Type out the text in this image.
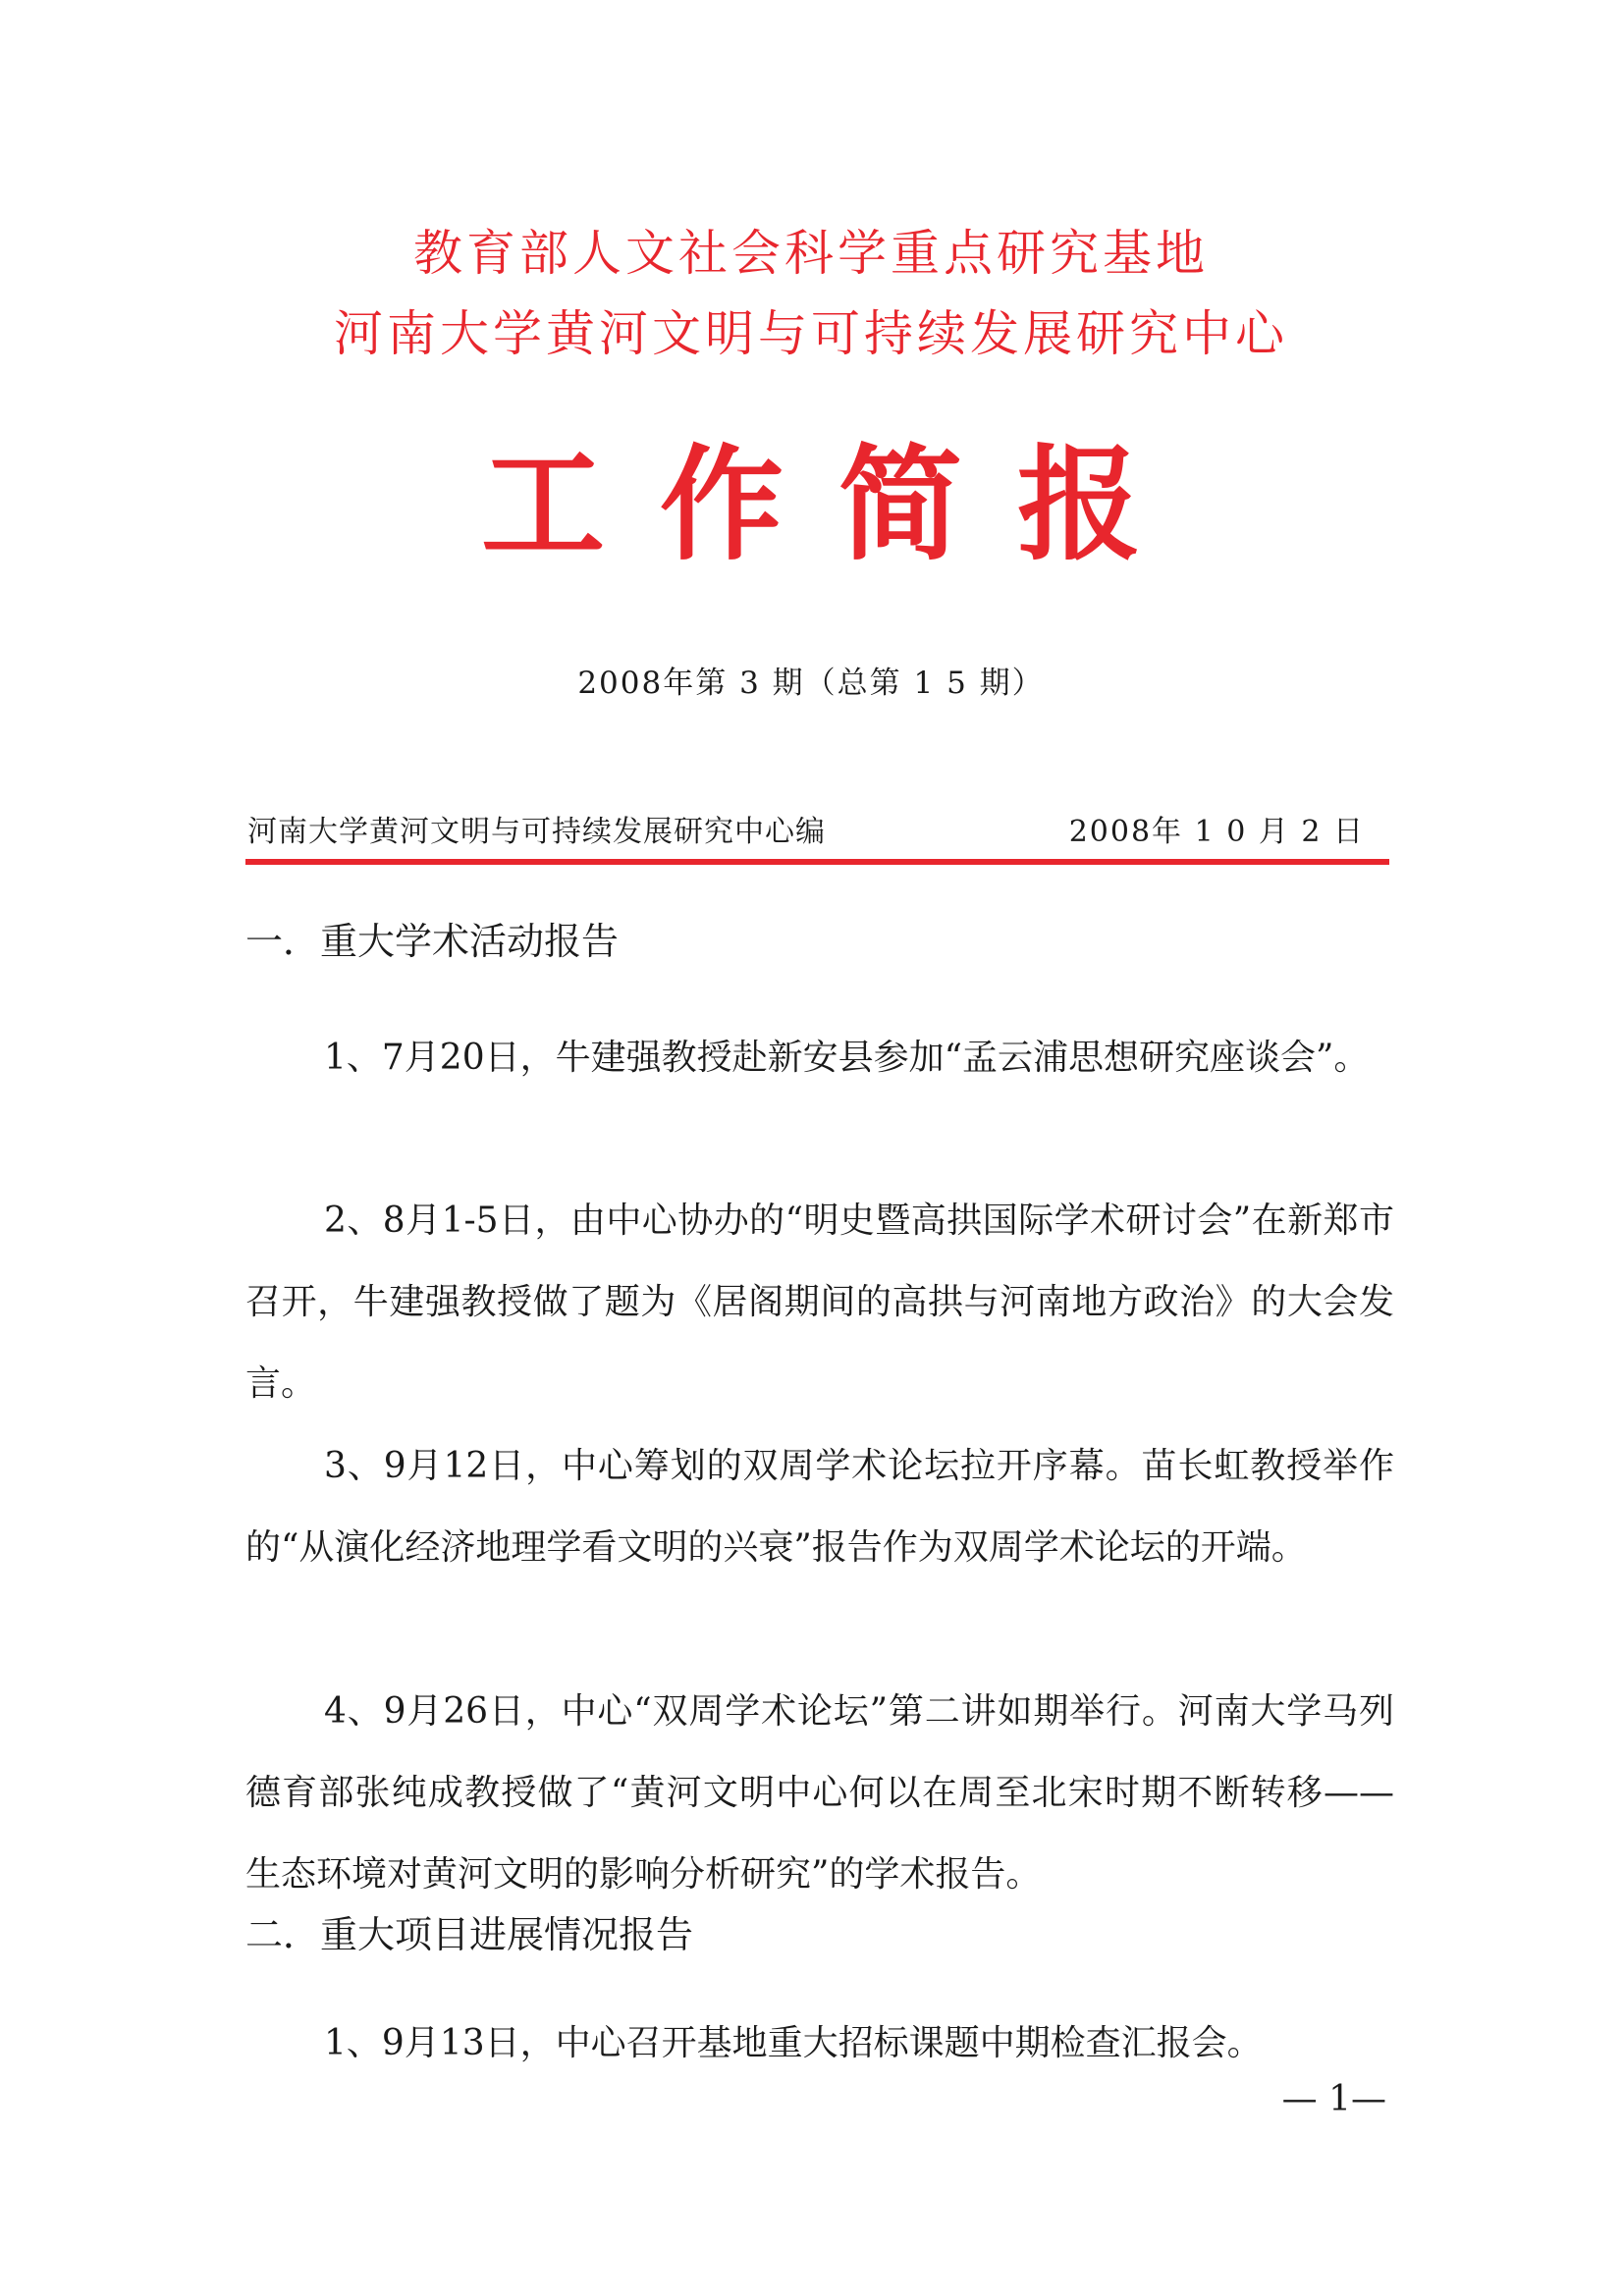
教育部人文社会科学重点研究基地
河南大学黄河文明与可持续发展研究中心
工作简报
2008年第 3 期（总第 1 5 期）
河南大学黄河文明与可持续发展研究中心编	2008年 1 0 月 2 日
一．重大学术活动报告

1、7月20日，牛建强教授赴新安县参加“孟云浦思想研究座谈会”。

2、8月1-5日，由中心协办的“明史暨高拱国际学术研讨会”在新郑市召开，牛建强教授做了题为《居阁期间的高拱与河南地方政治》的大会发言。

3、9月12日，中心筹划的双周学术论坛拉开序幕。苗长虹教授举作的“从演化经济地理学看文明的兴衰”报告作为双周学术论坛的开端。

4、9月26日，中心“双周学术论坛”第二讲如期举行。河南大学马列德育部张纯成教授做了“黄河文明中心何以在周至北宋时期不断转移——生态环境对黄河文明的影响分析研究”的学术报告。

二．重大项目进展情况报告

1、9月13日，中心召开基地重大招标课题中期检查汇报会。

— 1—
